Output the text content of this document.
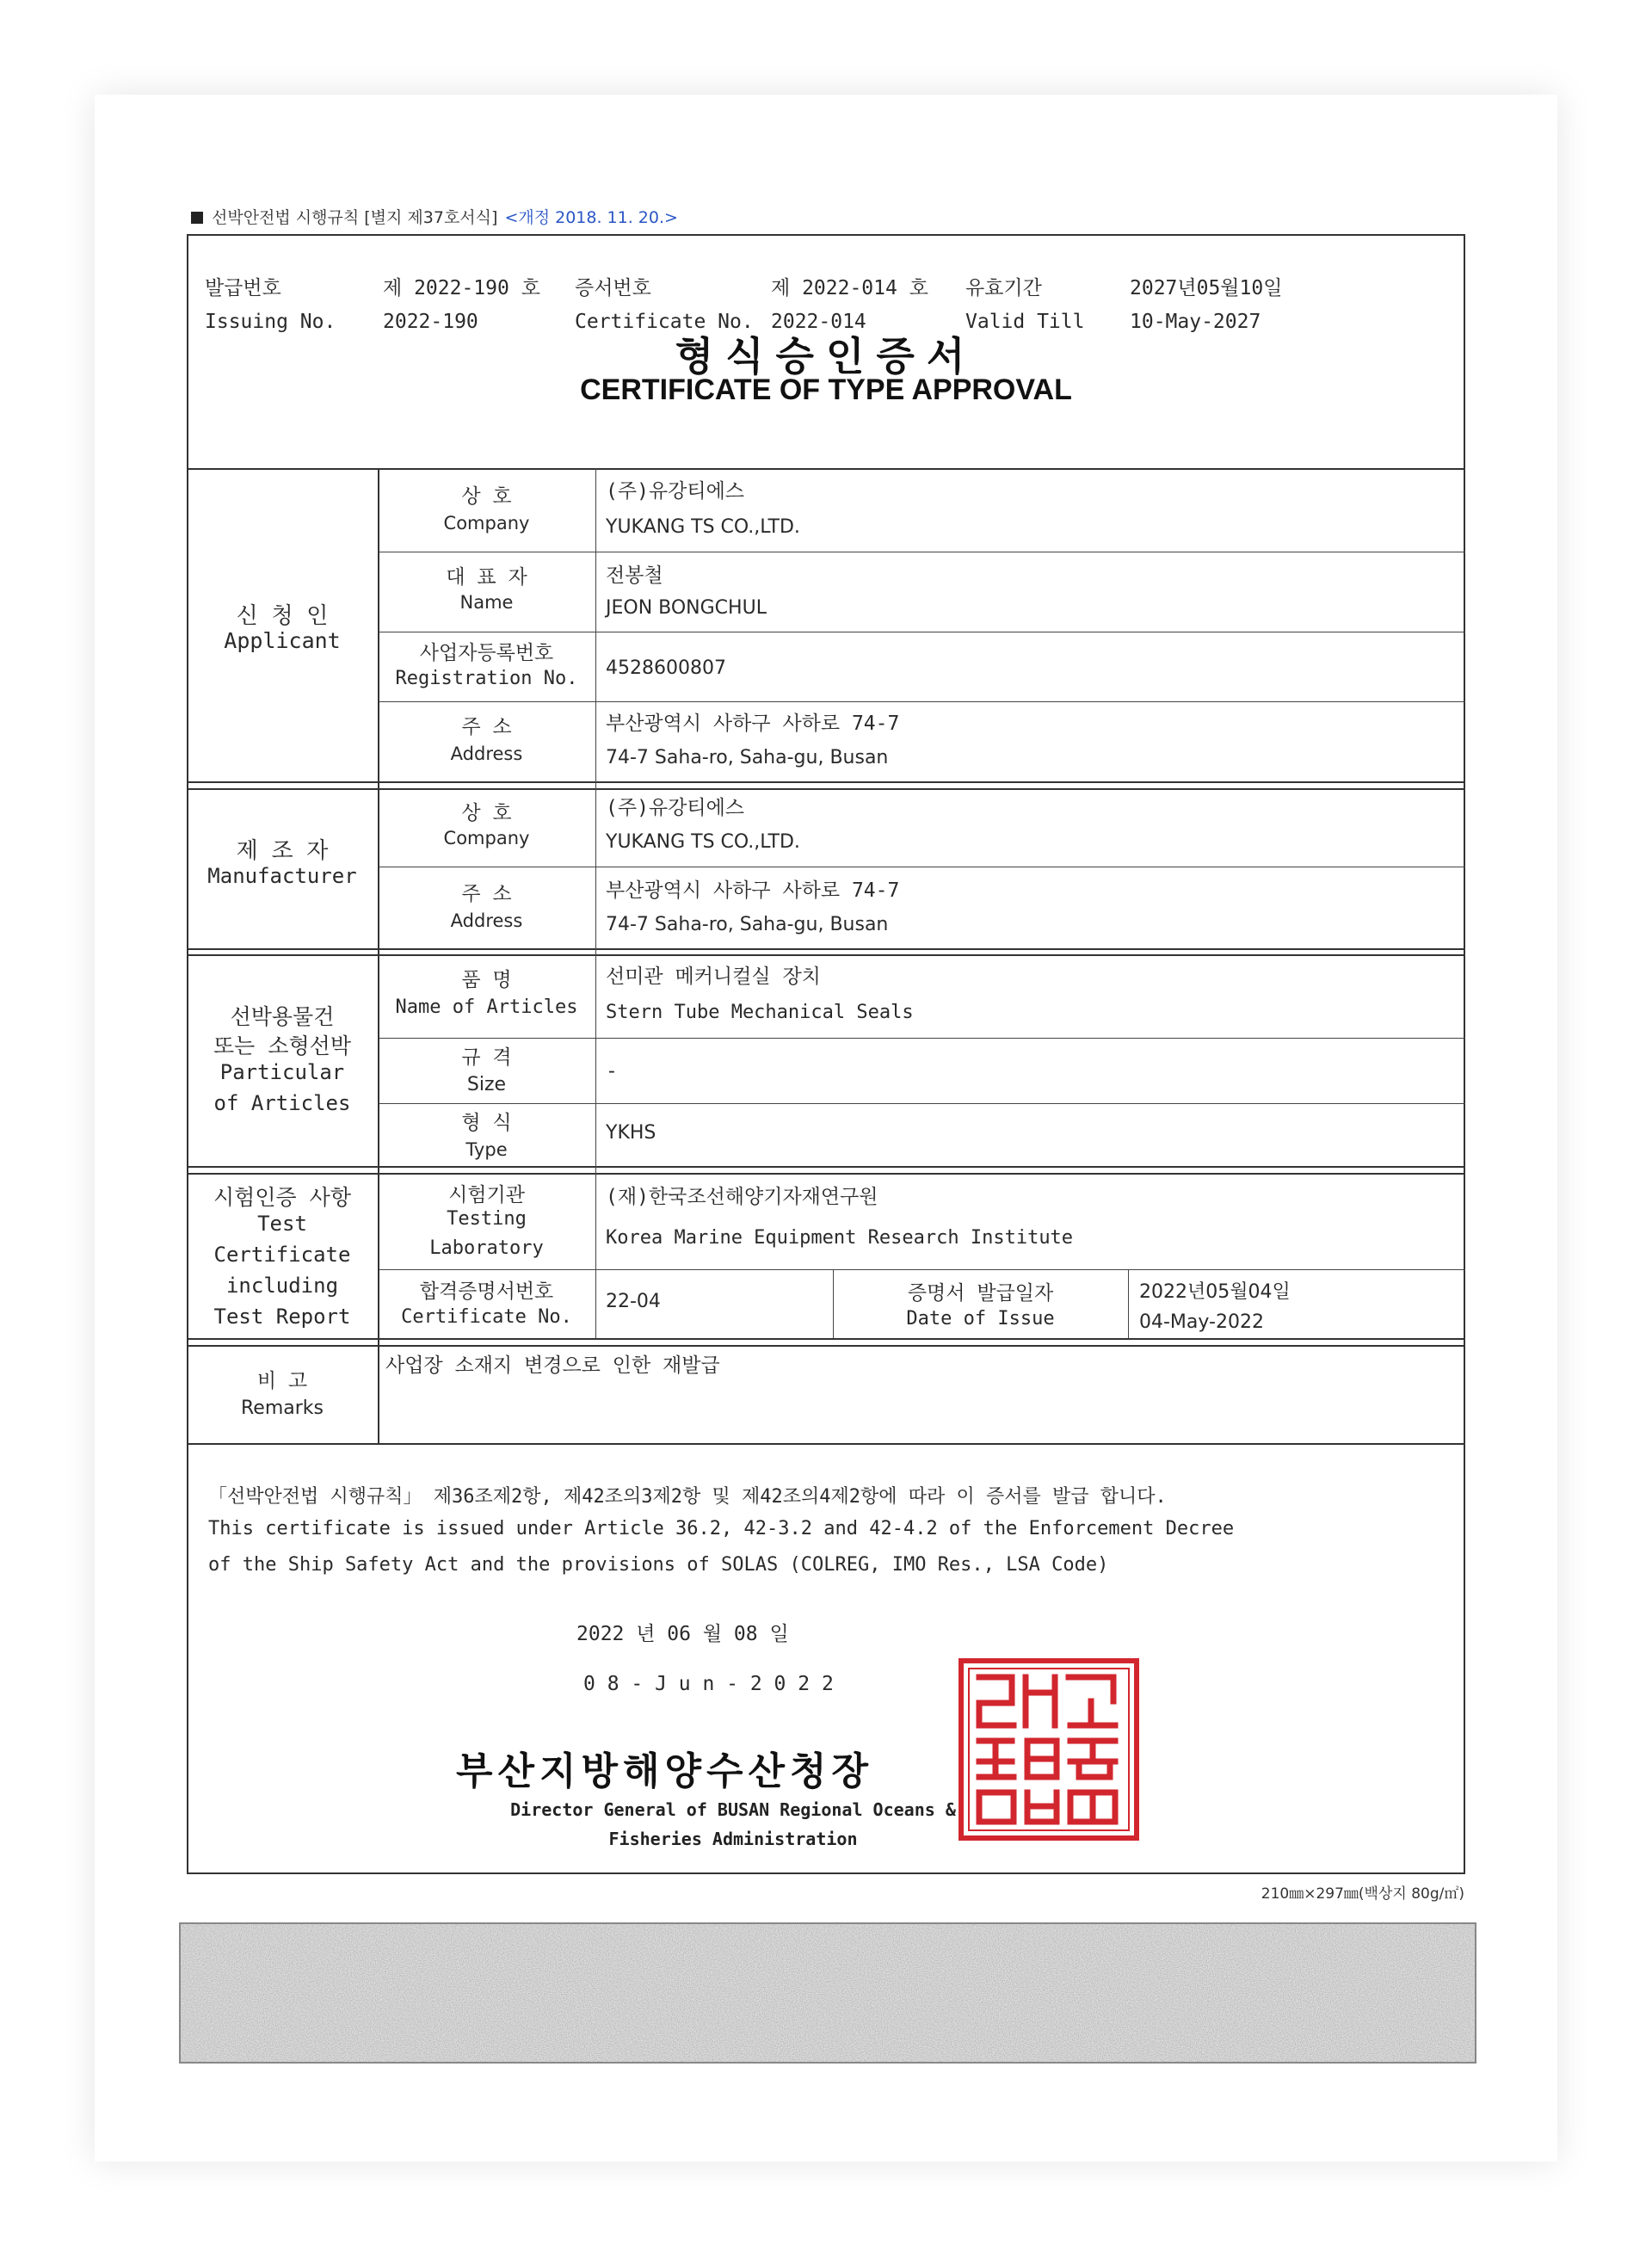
선박안전법 시행규칙 [별지 제37호서식] <개정 2018. 11. 20.>
발급번호
Issuing No.
제 2022-190 호
2022-190
증서번호
Certificate No.
제 2022-014 호
2022-014
유효기간
Valid Till
2027년05월10일
10-May-2027
형식승인증서
CERTIFICATE OF TYPE APPROVAL
신 청 인
Applicant
상 호
Company
(주)유강티에스
YUKANG TS CO.,LTD.
대 표 자
Name
전봉철
JEON BONGCHUL
사업자등록번호
Registration No.	4528600807
주 소
Address
부산광역시 사하구 사하로 74-7
74-7 Saha-ro, Saha-gu, Busan
제 조 자
Manufacturer
상 호
Company
(주)유강티에스
YUKANG TS CO.,LTD.
주 소
Address
부산광역시 사하구 사하로 74-7
74-7 Saha-ro, Saha-gu, Busan
선박용물건
또는 소형선박
Particular
of Articles
품 명
Name of Articles
선미관 메커니컬실 장치
Stern Tube Mechanical Seals
규 격
Size
-
형 식
Type
YKHS
시험인증 사항
Test
Certificate
including
Test Report
시험기관
Testing
Laboratory
(재)한국조선해양기자재연구원
Korea Marine Equipment Research Institute
합격증명서번호
Certificate No.
22-04	증명서 발급일자
Date of Issue
2022년05월04일
04-May-2022
비 고
Remarks
사업장 소재지 변경으로 인한 재발급
「선박안전법 시행규칙」 제36조제2항, 제42조의3제2항 및 제42조의4제2항에 따라 이 증서를 발급 합니다.
This certificate is issued under Article 36.2, 42-3.2 and 42-4.2 of the Enforcement Decree
of the Ship Safety Act and the provisions of SOLAS (COLREG, IMO Res., LSA Code)
2022 년 06 월 08 일
0 8 - J u n - 2 0 2 2
부산지방해양수산청장
Director General of BUSAN Regional Oceans & Fisheries Administration
210㎜×297㎜(백상지 80g/㎡)
